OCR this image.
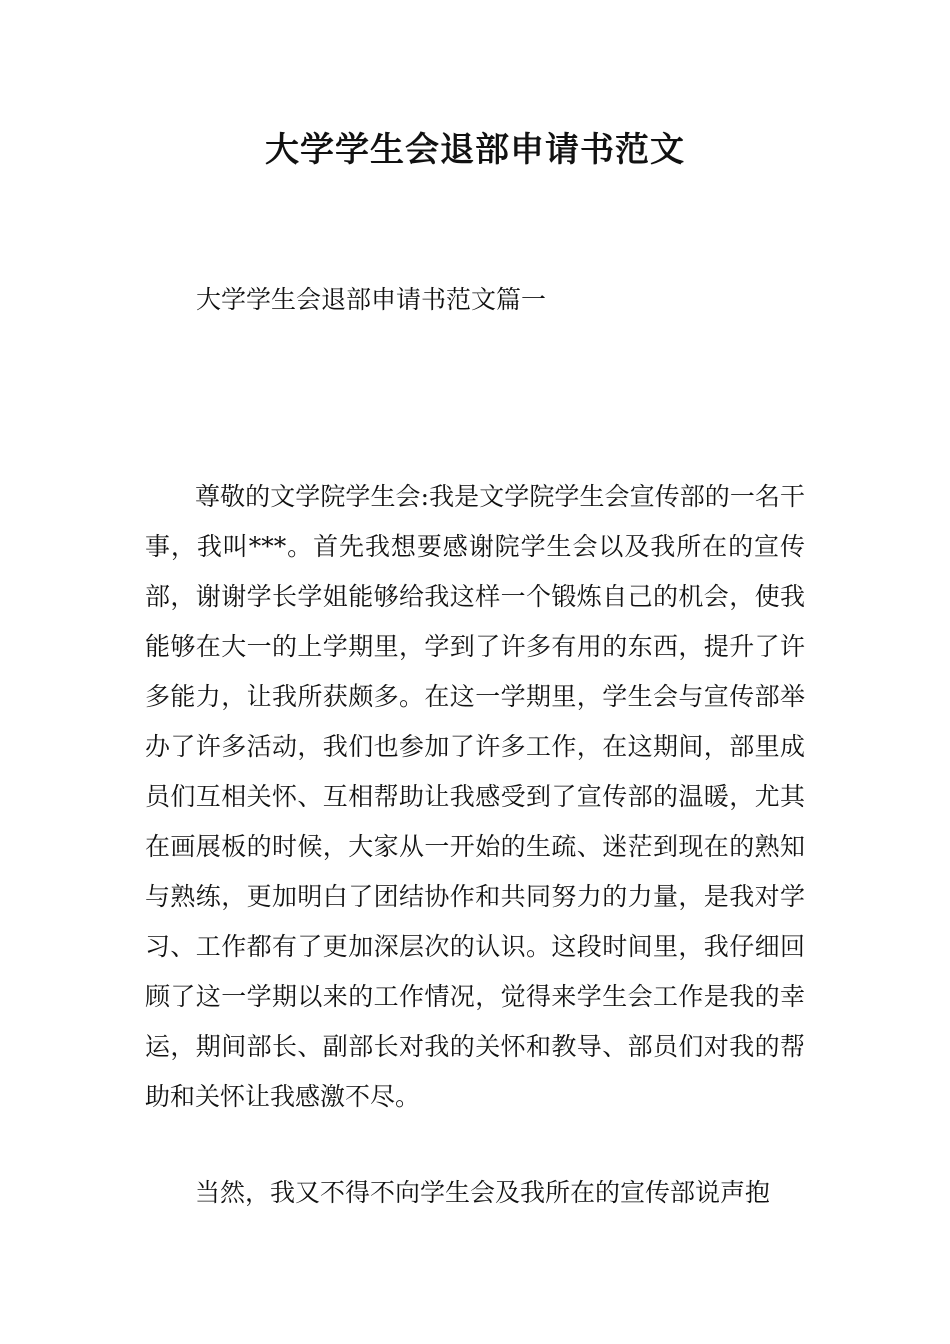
大学学生会退部申请书范文

大学学生会退部申请书范文篇一

尊敬的文学院学生会:我是文学院学生会宣传部的一名干事，我叫***。首先我想要感谢院学生会以及我所在的宣传部，谢谢学长学姐能够给我这样一个锻炼自己的机会，使我能够在大一的上学期里，学到了许多有用的东西，提升了许多能力，让我所获颇多。在这一学期里，学生会与宣传部举办了许多活动，我们也参加了许多工作，在这期间，部里成员们互相关怀、互相帮助让我感受到了宣传部的温暖，尤其在画展板的时候，大家从一开始的生疏、迷茫到现在的熟知与熟练，更加明白了团结协作和共同努力的力量，是我对学习、工作都有了更加深层次的认识。这段时间里，我仔细回顾了这一学期以来的工作情况，觉得来学生会工作是我的幸运，期间部长、副部长对我的关怀和教导、部员们对我的帮助和关怀让我感激不尽。

当然，我又不得不向学生会及我所在的宣传部说声抱
